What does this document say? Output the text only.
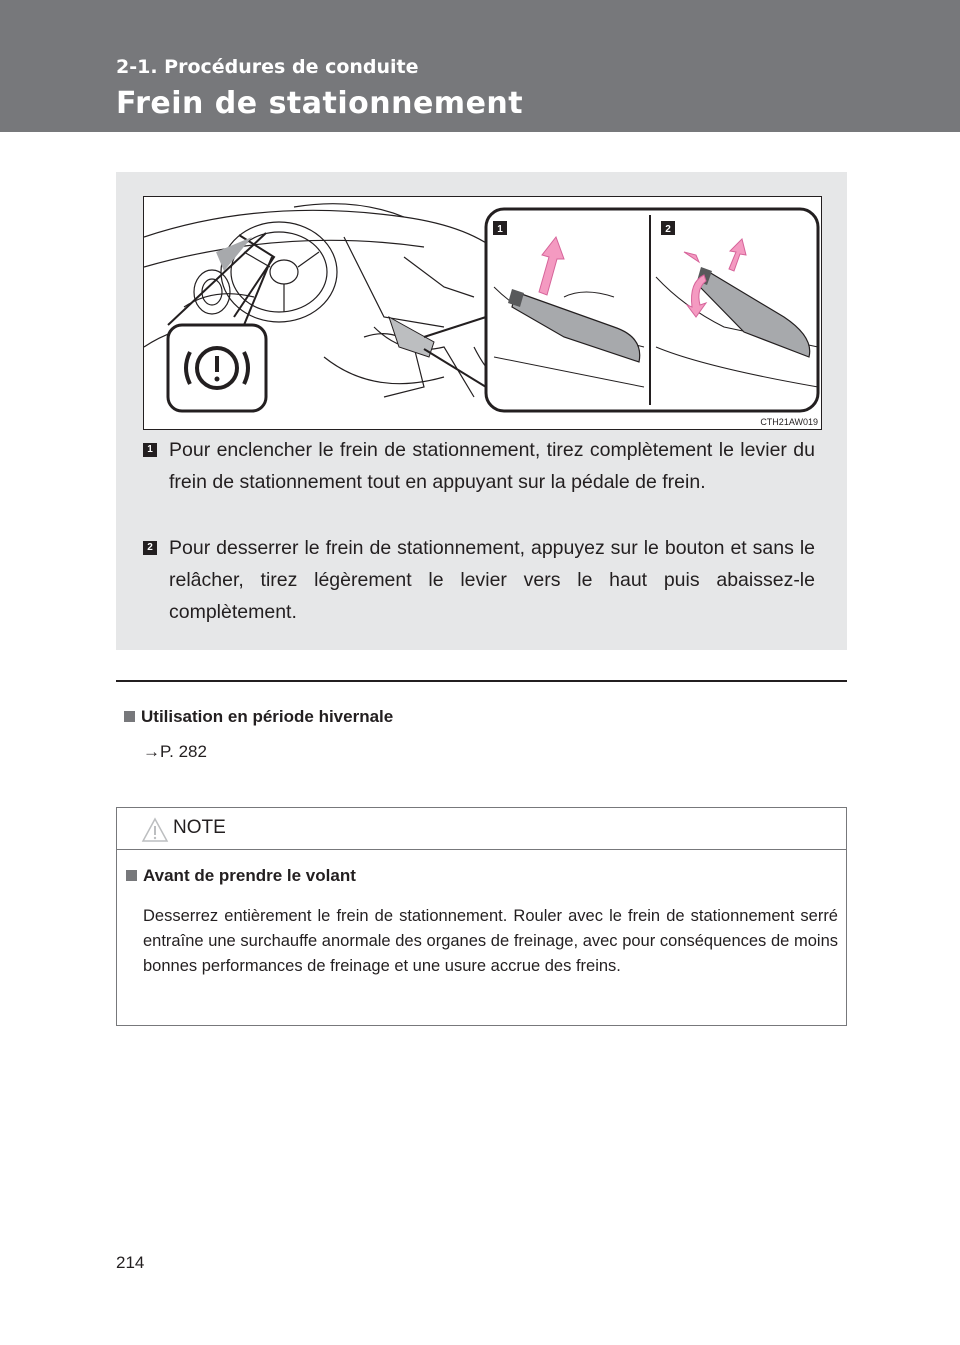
2-1. Procédures de conduite
Frein de stationnement
1	2
CTH21AW019
1 Pour enclencher le frein de stationnement, tirez complètement le levier du frein de stationnement tout en appuyant sur la pédale de frein.
2 Pour desserrer le frein de stationnement, appuyez sur le bouton et sans le relâcher, tirez légèrement le levier vers le haut puis abaissez-le complètement.
Utilisation en période hivernale
→P. 282
NOTE
Avant de prendre le volant
Desserrez entièrement le frein de stationnement. Rouler avec le frein de stationnement serré entraîne une surchauffe anormale des organes de freinage, avec pour conséquences de moins bonnes performances de freinage et une usure accrue des freins.
214
